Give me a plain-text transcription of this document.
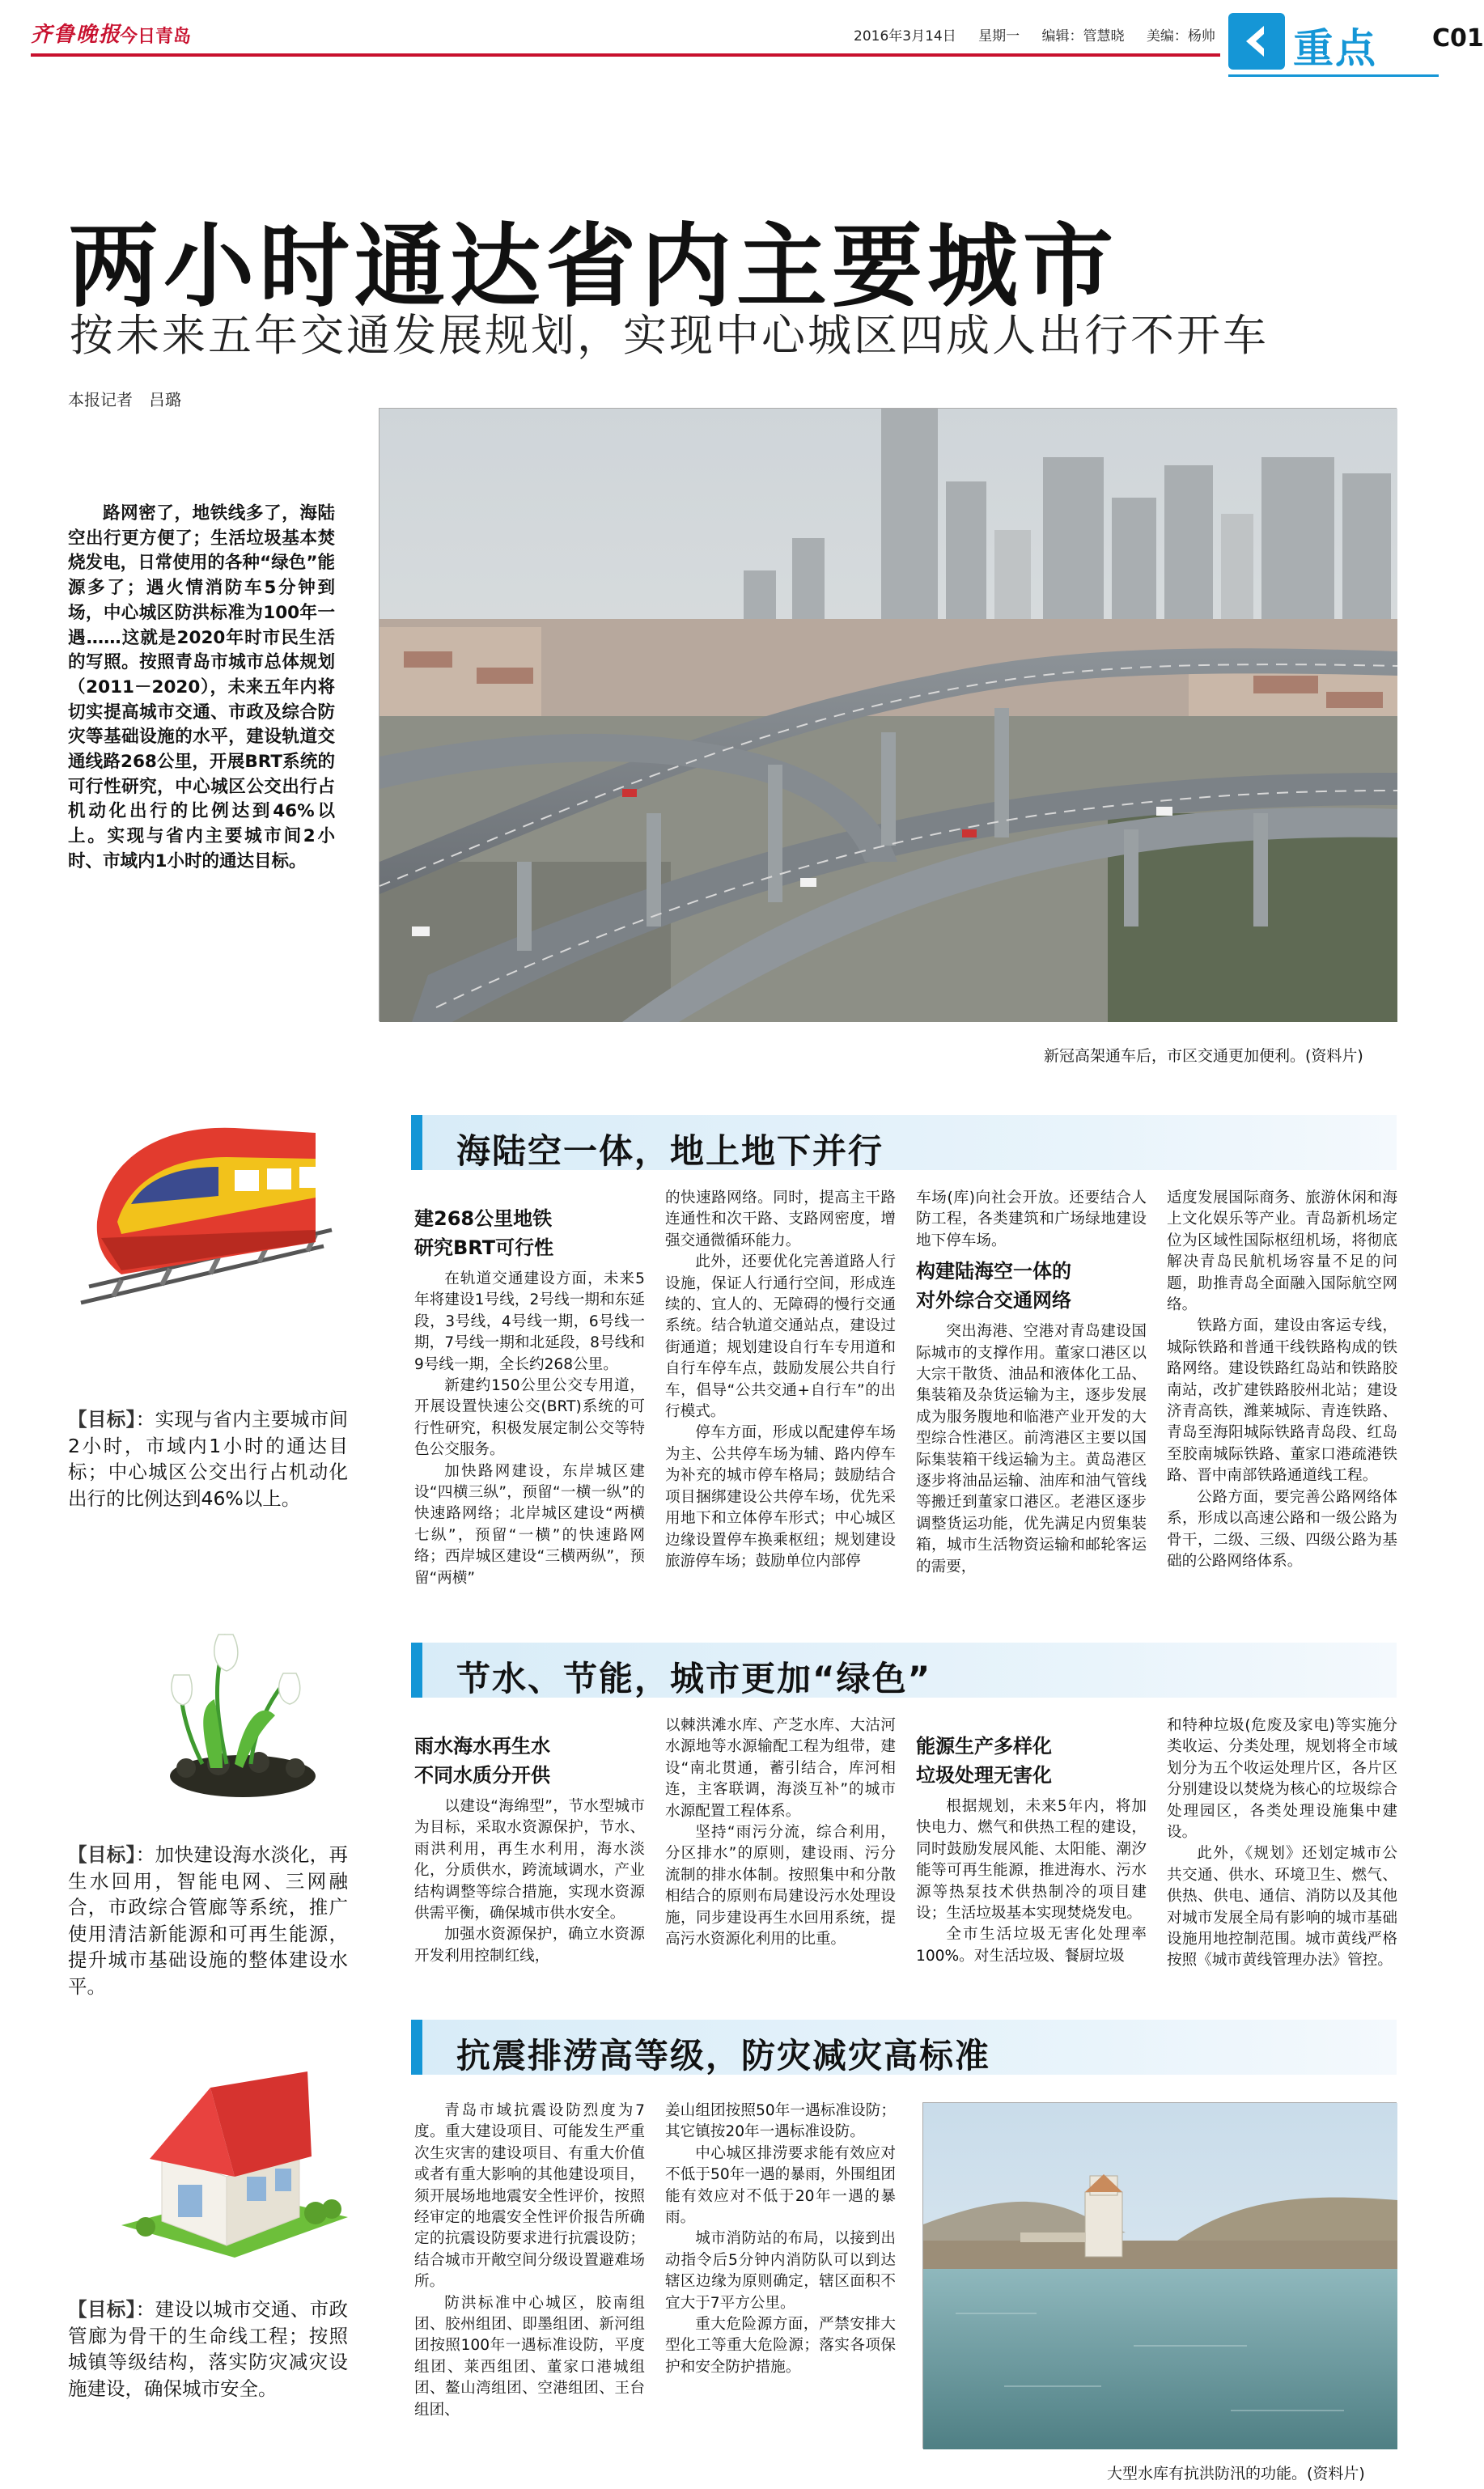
齐鲁晚报
今日青岛	2016年3月14日 星期一 编辑：管慧晓 美编：杨帅	重点 C01
两小时通达省内主要城市
按未来五年交通发展规划，实现中心城区四成人出行不开车
本报记者　吕璐
路网密了，地铁线多了，海陆空出行更方便了；生活垃圾基本焚烧发电，日常使用的各种“绿色”能源多了；遇火情消防车5分钟到场，中心城区防洪标准为100年一遇……这就是2020年时市民生活的写照。按照青岛市城市总体规划（2011－2020），未来五年内将切实提高城市交通、市政及综合防灾等基础设施的水平，建设轨道交通线路268公里，开展BRT系统的可行性研究，中心城区公交出行占机动化出行的比例达到46%以上。实现与省内主要城市间2小时、市域内1小时的通达目标。
新冠高架通车后，市区交通更加便利。(资料片)
海陆空一体，地上地下并行
【目标】：实现与省内主要城市间2小时，市域内1小时的通达目标；中心城区公交出行占机动化出行的比例达到46%以上。
建268公里地铁
研究BRT可行性

在轨道交通建设方面，未来5年将建设1号线，2号线一期和东延段，3号线，4号线一期，6号线一期，7号线一期和北延段，8号线和9号线一期，全长约268公里。

新建约150公里公交专用道，开展设置快速公交(BRT)系统的可行性研究，积极发展定制公交等特色公交服务。

加快路网建设，东岸城区建设“四横三纵”，预留“一横一纵”的快速路网络；北岸城区建设“两横七纵”，预留“一横”的快速路网络；西岸城区建设“三横两纵”，预留“两横”

的快速路网络。同时，提高主干路连通性和次干路、支路网密度，增强交通微循环能力。

此外，还要优化完善道路人行设施，保证人行通行空间，形成连续的、宜人的、无障碍的慢行交通系统。结合轨道交通站点，建设过街通道；规划建设自行车专用道和自行车停车点，鼓励发展公共自行车，倡导“公共交通+自行车”的出行模式。

停车方面，形成以配建停车场为主、公共停车场为辅、路内停车为补充的城市停车格局；鼓励结合项目捆绑建设公共停车场，优先采用地下和立体停车形式；中心城区边缘设置停车换乘枢纽；规划建设旅游停车场；鼓励单位内部停

车场(库)向社会开放。还要结合人防工程，各类建筑和广场绿地建设地下停车场。

构建陆海空一体的
对外综合交通网络

突出海港、空港对青岛建设国际城市的支撑作用。董家口港区以大宗干散货、油品和液体化工品、集装箱及杂货运输为主，逐步发展成为服务腹地和临港产业开发的大型综合性港区。前湾港区主要以国际集装箱干线运输为主。黄岛港区逐步将油品运输、油库和油气管线等搬迁到董家口港区。老港区逐步调整货运功能，优先满足内贸集装箱，城市生活物资运输和邮轮客运的需要，

适度发展国际商务、旅游休闲和海上文化娱乐等产业。青岛新机场定位为区域性国际枢纽机场，将彻底解决青岛民航机场容量不足的问题，助推青岛全面融入国际航空网络。

铁路方面，建设由客运专线，城际铁路和普通干线铁路构成的铁路网络。建设铁路红岛站和铁路胶南站，改扩建铁路胶州北站；建设济青高铁，潍莱城际、青连铁路、青岛至海阳城际铁路青岛段、红岛至胶南城际铁路、董家口港疏港铁路、晋中南部铁路通道线工程。

公路方面，要完善公路网络体系，形成以高速公路和一级公路为骨干，二级、三级、四级公路为基础的公路网络体系。

节水、节能，城市更加“绿色”
【目标】：加快建设海水淡化，再生水回用，智能电网、三网融合，市政综合管廊等系统，推广使用清洁新能源和可再生能源，提升城市基础设施的整体建设水平。
雨水海水再生水
不同水质分开供

以建设“海绵型”，节水型城市为目标，采取水资源保护，节水、雨洪利用，再生水利用，海水淡化，分质供水，跨流域调水，产业结构调整等综合措施，实现水资源供需平衡，确保城市供水安全。

加强水资源保护，确立水资源开发利用控制红线，

以棘洪滩水库、产芝水库、大沽河水源地等水源输配工程为组带，建设“南北贯通，蓄引结合，库河相连，主客联调，海淡互补”的城市水源配置工程体系。

坚持“雨污分流，综合利用，分区排水”的原则，建设雨、污分流制的排水体制。按照集中和分散相结合的原则布局建设污水处理设施，同步建设再生水回用系统，提高污水资源化利用的比重。

能源生产多样化
垃圾处理无害化

根据规划，未来5年内，将加快电力、燃气和供热工程的建设，同时鼓励发展风能、太阳能、潮汐能等可再生能源，推进海水、污水源等热泵技术供热制冷的项目建设；生活垃圾基本实现焚烧发电。

全市生活垃圾无害化处理率100%。对生活垃圾、餐厨垃圾

和特种垃圾(危废及家电)等实施分类收运、分类处理，规划将全市域划分为五个收运处理片区，各片区分别建设以焚烧为核心的垃圾综合处理园区，各类处理设施集中建设。

此外，《规划》还划定城市公共交通、供水、环境卫生、燃气、供热、供电、通信、消防以及其他对城市发展全局有影响的城市基础设施用地控制范围。城市黄线严格按照《城市黄线管理办法》管控。

抗震排涝高等级，防灾减灾高标准
【目标】：建设以城市交通、市政管廊为骨干的生命线工程；按照城镇等级结构，落实防灾减灾设施建设，确保城市安全。

青岛市域抗震设防烈度为7度。重大建设项目、可能发生严重次生灾害的建设项目、有重大价值或者有重大影响的其他建设项目，须开展场地地震安全性评价，按照经审定的地震安全性评价报告所确定的抗震设防要求进行抗震设防；结合城市开敞空间分级设置避难场所。

防洪标准中心城区，胶南组团、胶州组团、即墨组团、新河组团按照100年一遇标准设防，平度组团、莱西组团、董家口港城组团、鳌山湾组团、空港组团、王台组团、

姜山组团按照50年一遇标准设防；其它镇按20年一遇标准设防。

中心城区排涝要求能有效应对不低于50年一遇的暴雨，外围组团能有效应对不低于20年一遇的暴雨。

城市消防站的布局，以接到出动指令后5分钟内消防队可以到达辖区边缘为原则确定，辖区面积不宜大于7平方公里。

重大危险源方面，严禁安排大型化工等重大危险源；落实各项保护和安全防护措施。

大型水库有抗洪防汛的功能。(资料片)
